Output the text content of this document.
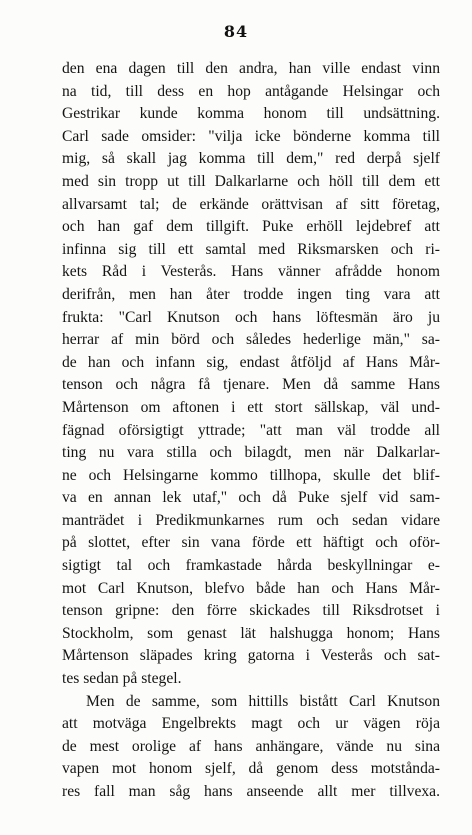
84
den ena dagen till den andra, han ville endast vinn
na tid, till dess en hop antågande Helsingar och
Gestrikar kunde komma honom till undsättning.
Carl sade omsider: "vilja icke bönderne komma till
mig, så skall jag komma till dem," red derpå sjelf
med sin tropp ut till Dalkarlarne och höll till dem ett
allvarsamt tal; de erkände orättvisan af sitt företag,
och han gaf dem tillgift. Puke erhöll lejdebref att
infinna sig till ett samtal med Riksmarsken och ri-
kets Råd i Vesterås. Hans vänner afrådde honom
derifrån, men han åter trodde ingen ting vara att
frukta: "Carl Knutson och hans löftesmän äro ju
herrar af min börd och således hederlige män," sa-
de han och infann sig, endast åtföljd af Hans Mår-
tenson och några få tjenare. Men då samme Hans
Mårtenson om aftonen i ett stort sällskap, väl und-
fägnad oförsigtigt yttrade; "att man väl trodde all
ting nu vara stilla och bilagdt, men när Dalkarlar-
ne och Helsingarne kommo tillhopa, skulle det blif-
va en annan lek utaf," och då Puke sjelf vid sam-
manträdet i Predikmunkarnes rum och sedan vidare
på slottet, efter sin vana förde ett häftigt och oför-
sigtigt tal och framkastade hårda beskyllningar e-
mot Carl Knutson, blefvo både han och Hans Mår-
tenson gripne: den förre skickades till Riksdrotset i
Stockholm, som genast lät halshugga honom; Hans
Mårtenson släpades kring gatorna i Vesterås och sat-
tes sedan på stegel.
Men de samme, som hittills bistått Carl Knutson
att motväga Engelbrekts magt och ur vägen röja
de mest orolige af hans anhängare, vände nu sina
vapen mot honom sjelf, då genom dess motstånda-
res fall man såg hans anseende allt mer tillvexa.
